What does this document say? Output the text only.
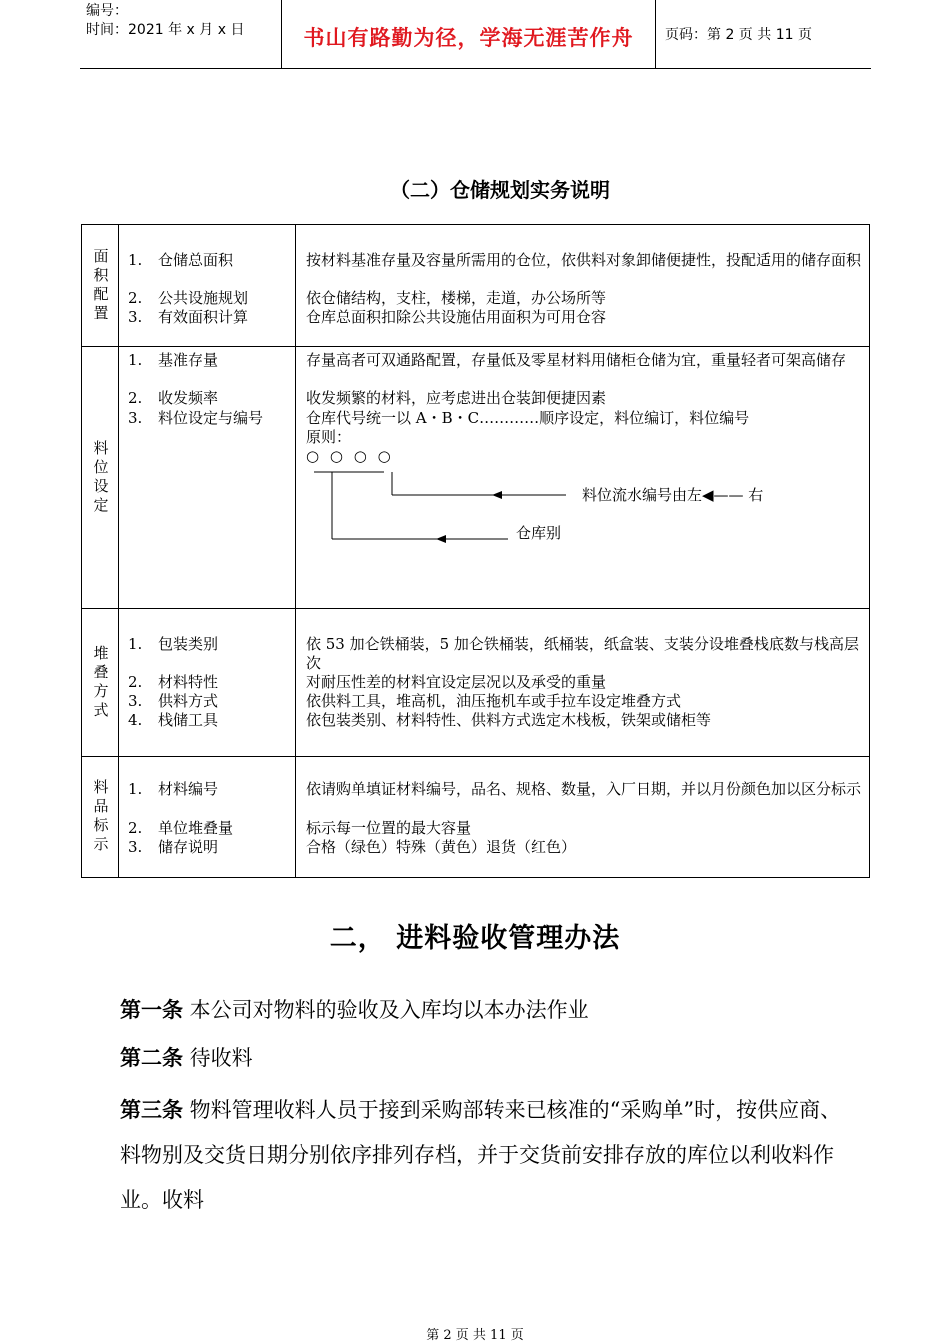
编号：
时间：2021 年 x 月 x 日	书山有路勤为径，学海无涯苦作舟	页码：第 2 页 共 11 页
（二）仓储规划实务说明
面积配置 1. 仓储总面积
2. 公共设施规划
3. 有效面积计算
按材料基准存量及容量所需用的仓位，依供料对象卸储便捷性，投配适用的储存面积
依仓储结构，支柱，楼梯，走道，办公场所等
仓库总面积扣除公共设施估用面积为可用仓容
料位设定
1. 基准存量
2. 收发频率
3. 料位设定与编号
存量高者可双通路配置，存量低及零星材料用储柜仓储为宜，重量轻者可架高储存
收发频繁的材料，应考虑进出仓装卸便捷因素
仓库代号统一以 A・B・C…………顺序设定，料位编订，料位编号
原则：
○ ○ ○ ○
料位流水编号由左◀—— 右
仓库别
堆叠方式
1. 包装类别
2. 材料特性
3. 供料方式
4. 栈储工具
依 53 加仑铁桶装，5 加仑铁桶装，纸桶装，纸盒装、支装分设堆叠栈底数与栈高层次
对耐压性差的材料宜设定层况以及承受的重量
依供料工具，堆高机，油压拖机车或手拉车设定堆叠方式
依包装类别、材料特性、供料方式选定木栈板，铁架或储柜等
料品标示 1. 材料编号
2. 单位堆叠量
3. 储存说明
依请购单填证材料编号，品名、规格、数量，入厂日期，并以月份颜色加以区分标示
标示每一位置的最大容量
合格（绿色）特殊（黄色）退货（红色）
二， 进料验收管理办法
第一条 本公司对物料的验收及入库均以本办法作业
第二条 待收料
第三条 物料管理收料人员于接到采购部转来已核准的“采购单”时，按供应商、料物别及交货日期分别依序排列存档，并于交货前安排存放的库位以利收料作业。收料
第 2 页 共 11 页
